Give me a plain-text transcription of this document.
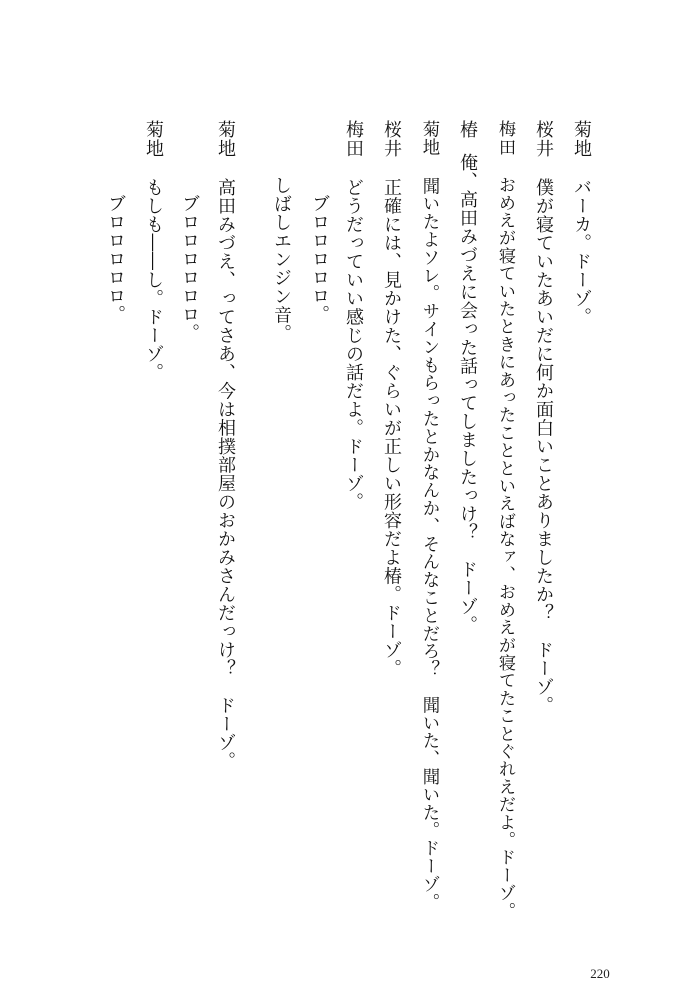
菊地 バーカ。ドーゾ。
桜井 僕が寝ていたあいだに何か面白いことありましたか？　ドーゾ。
梅田 おめえが寝ていたときにあったことといえばなァ、おめえが寝てたことぐれえだよ。ドーゾ。
椿 俺、高田みづえに会った話ってしましたっけ？　ドーゾ。
菊地 聞いたよソレ。サインもらったとかなんか、そんなことだろ？　聞いた、聞いた。ドーゾ。
桜井 正確には、見かけた、ぐらいが正しい形容だよ椿。ドーゾ。
梅田 どうだっていい感じの話だよ。ドーゾ。
ブロロロロロ。
しばしエンジン音。
菊地 高田みづえ、ってさあ、今は相撲部屋のおかみさんだっけ？　ドーゾ。
ブロロロロロロ。
菊地 もしも――し。ドーゾ。
ブロロロロロ。
220
